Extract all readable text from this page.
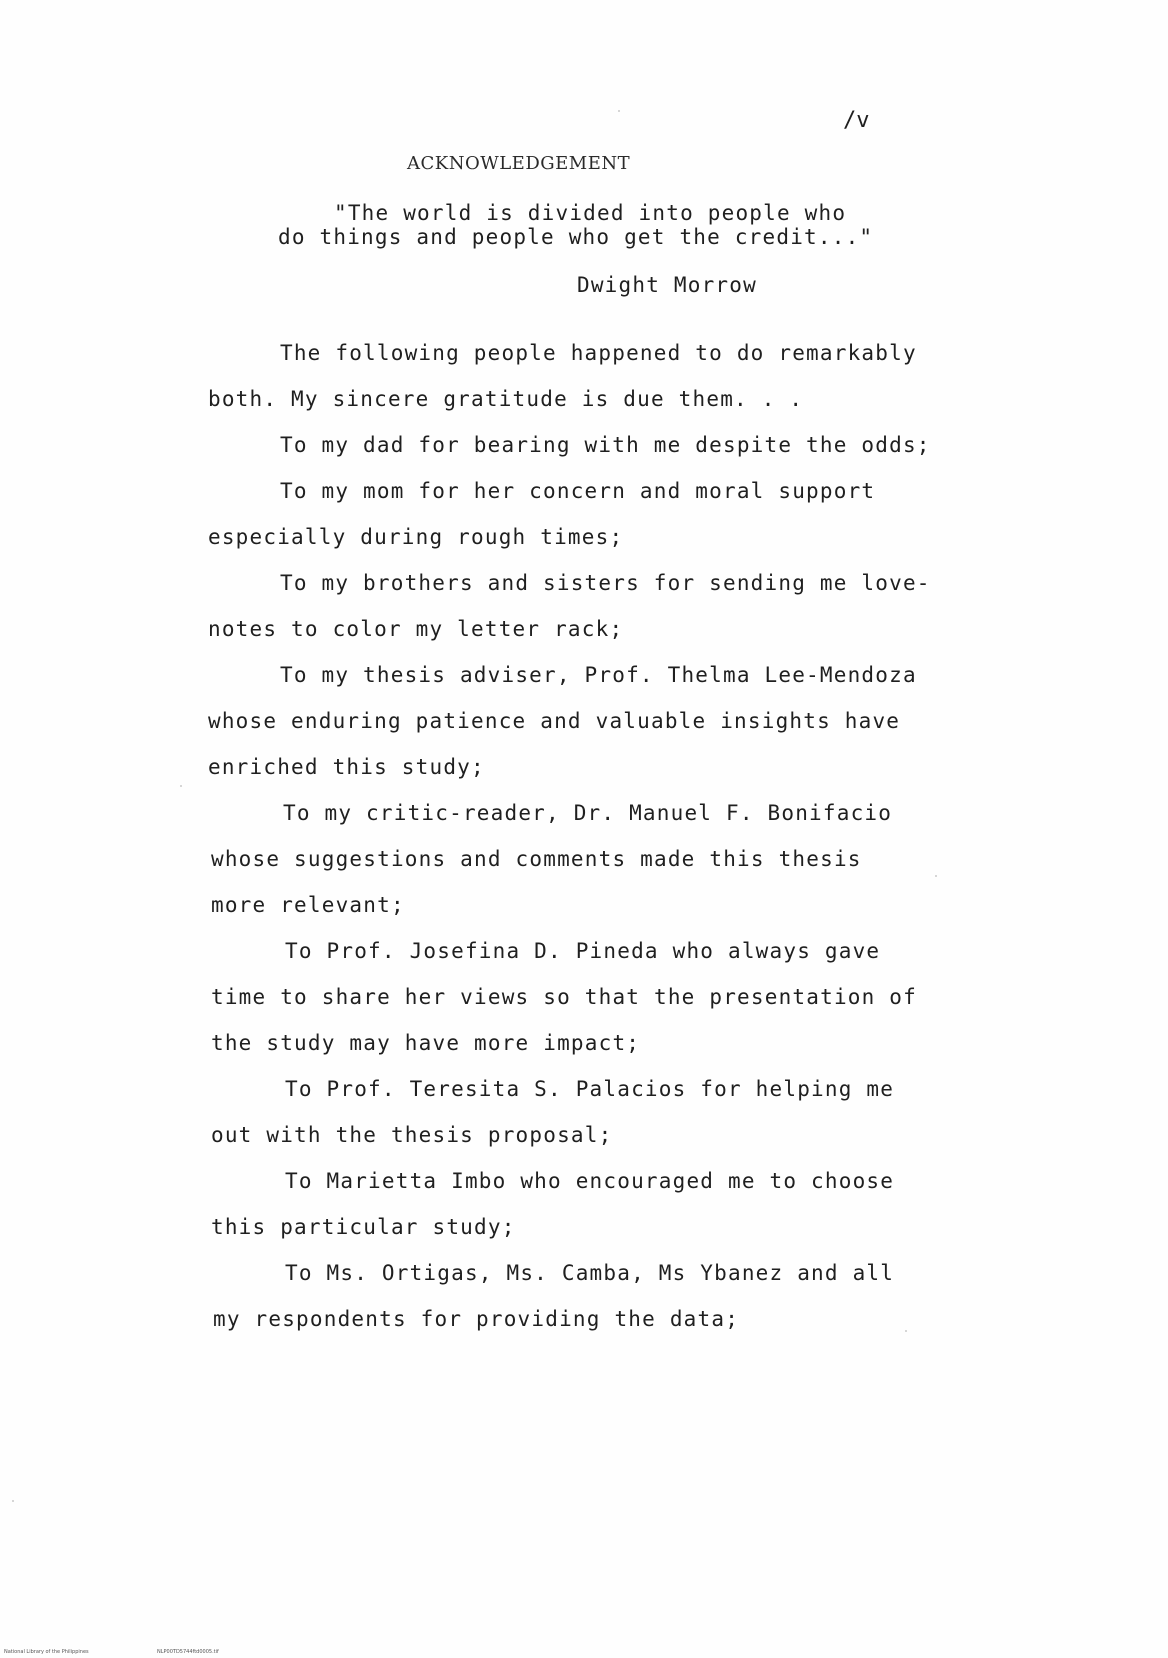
/v
ACKNOWLEDGEMENT
"The world is divided into people who
do things and people who get the credit..."
Dwight Morrow
The following people happened to do remarkably
both. My sincere gratitude is due them. . .
To my dad for bearing with me despite the odds;
To my mom for her concern and moral support
especially during rough times;
To my brothers and sisters for sending me love-
notes to color my letter rack;
To my thesis adviser, Prof. Thelma Lee-Mendoza
whose enduring patience and valuable insights have
enriched this study;
To my critic-reader, Dr. Manuel F. Bonifacio
whose suggestions and comments made this thesis
more relevant;
To Prof. Josefina D. Pineda who always gave
time to share her views so that the presentation of
the study may have more impact;
To Prof. Teresita S. Palacios for helping me
out with the thesis proposal;
To Marietta Imbo who encouraged me to choose
this particular study;
To Ms. Ortigas, Ms. Camba, Ms Ybanez and all
my respondents for providing the data;
National Library of the Philippines	NLP00TD5744ftd0005.tif
